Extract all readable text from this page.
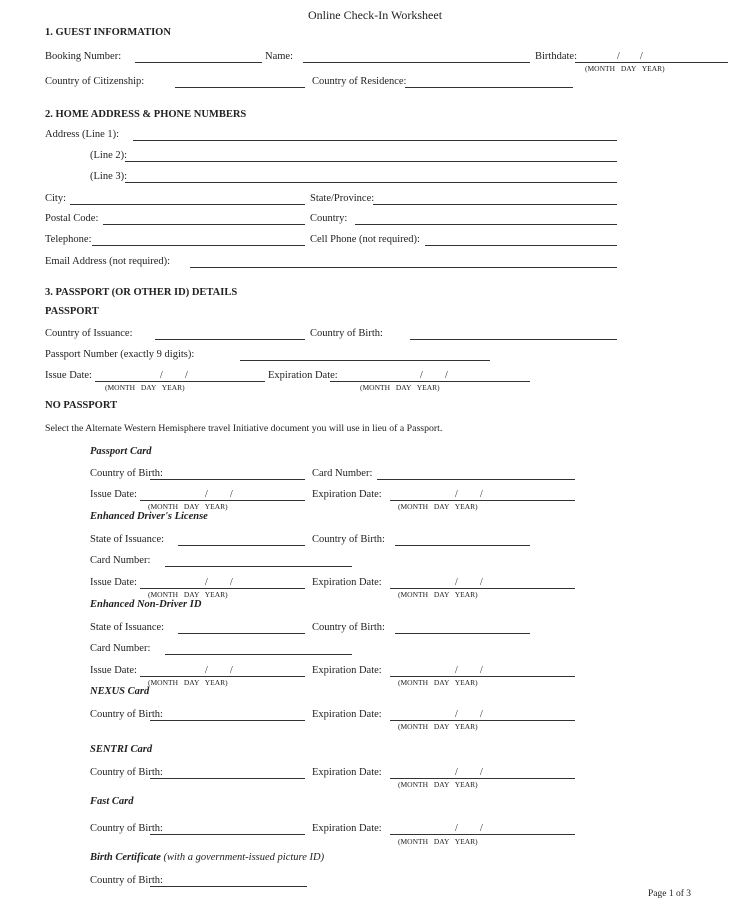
Online Check-In Worksheet
1. GUEST INFORMATION
Booking Number:	Name:	Birthdate:	/ /
(MONTH DAY YEAR)
Country of Citizenship:	Country of Residence:
2. HOME ADDRESS & PHONE NUMBERS
Address (Line 1):
(Line 2):
(Line 3):
City:	State/Province:
Postal Code:	Country:
Telephone:	Cell Phone (not required):
Email Address (not required):
3. PASSPORT (OR OTHER ID) DETAILS
PASSPORT
Country of Issuance:	Country of Birth:
Passport Number (exactly 9 digits):
Issue Date:	/ /
(MONTH DAY YEAR)
Expiration Date:	/ /
(MONTH DAY YEAR)
NO PASSPORT
Select the Alternate Western Hemisphere travel Initiative document you will use in lieu of a Passport.
Passport Card
Country of Birth:	Card Number:
Issue Date:	/ /
(MONTH DAY YEAR)
Expiration Date:	/ /
(MONTH DAY YEAR)
Enhanced Driver's License
State of Issuance:	Country of Birth:
Card Number:
Issue Date:	/ /
(MONTH DAY YEAR)
Expiration Date:	/ /
(MONTH DAY YEAR)
Enhanced Non-Driver ID
State of Issuance:	Country of Birth:
Card Number:
Issue Date:	/ /
(MONTH DAY YEAR)
Expiration Date:	/ /
(MONTH DAY YEAR)
NEXUS Card
Country of Birth:	Expiration Date:	/ /
(MONTH DAY YEAR)
SENTRI Card
Country of Birth:	Expiration Date:	/ /
(MONTH DAY YEAR)
Fast Card
Country of Birth:	Expiration Date:	/ /
(MONTH DAY YEAR)
Birth Certificate (with a government-issued picture ID)
Country of Birth:
Page 1 of 3
